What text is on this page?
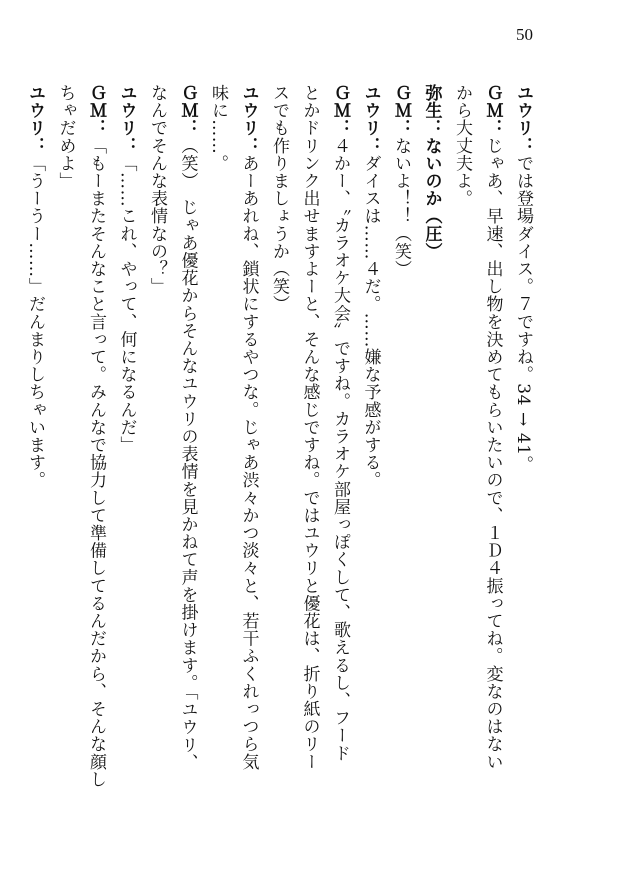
50
ユウリ：では登場ダイス。７ですね。34 → 41。
ＧＭ：じゃあ、早速、出し物を決めてもらいたいので、１Ｄ４振ってね。変なのはない
から大丈夫よ。
弥生：ないのか（圧）
ＧＭ：ないよ！！（笑）
ユウリ：ダイスは……４だ。……嫌な予感がする。
ＧＭ：４かー、〝カラオケ大会〟ですね。カラオケ部屋っぽくして、歌えるし、フード
とかドリンク出せますよーと、そんな感じですね。ではユウリと優花は、折り紙のリー
スでも作りましょうか（笑）
ユウリ：あーあれね、鎖状にするやつな。じゃあ渋々かつ淡々と、若干ふくれっつら気
味に……。
ＧＭ：（笑）　じゃあ優花からそんなユウリの表情を見かねて声を掛けます。「ユウリ、
なんでそんな表情なの？」
ユウリ：「……これ、やって、何になるんだ」
ＧＭ：「もーまたそんなこと言って。みんなで協力して準備してるんだから、そんな顔し
ちゃだめよ」
ユウリ：「うーうー……」だんまりしちゃいます。
